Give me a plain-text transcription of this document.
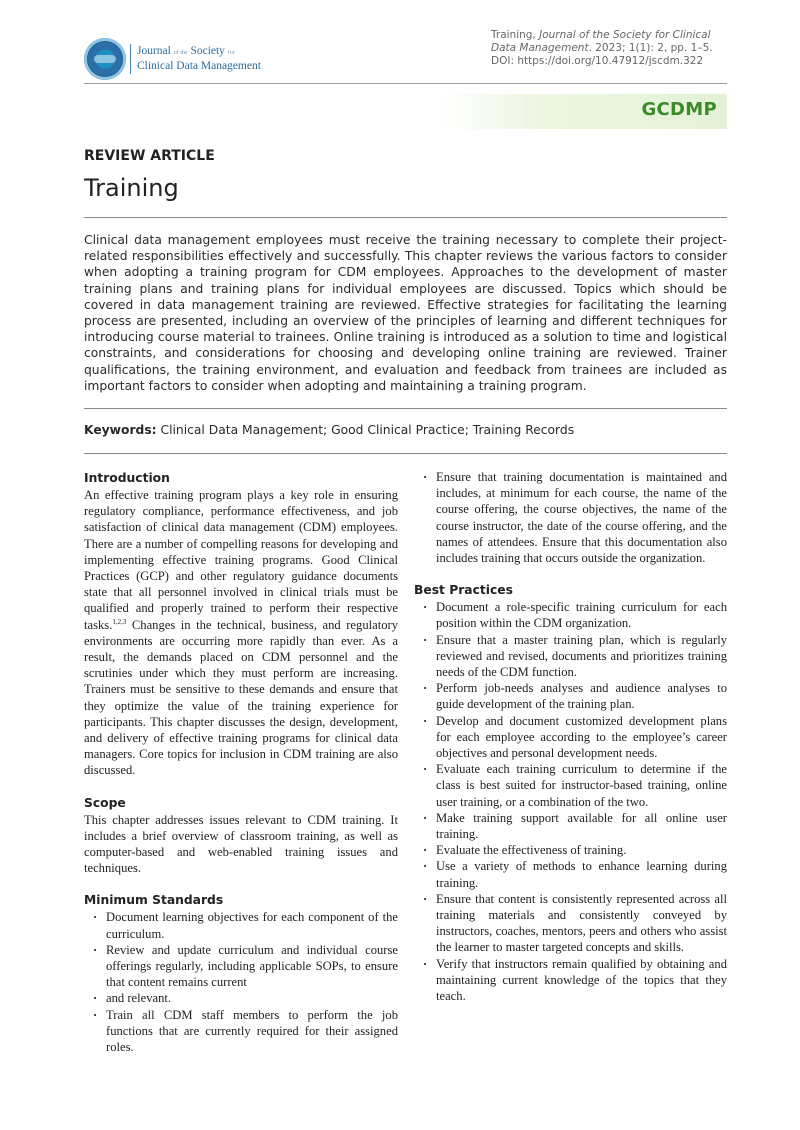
Journal of the Society for
Clinical Data Management
Training, Journal of the Society for Clinical Data Management. 2023; 1(1): 2, pp. 1–5. DOI: https://doi.org/10.47912/jscdm.322
GCDMP
REVIEW ARTICLE
Training
Clinical data management employees must receive the training necessary to complete their project-related responsibilities effectively and successfully. This chapter reviews the various factors to consider when adopting a training program for CDM employees. Approaches to the development of master training plans and training plans for individual employees are discussed. Topics which should be covered in data management training are reviewed. Effective strategies for facilitating the learning process are presented, including an overview of the principles of learning and different techniques for introducing course material to trainees. Online training is introduced as a solution to time and logistical constraints, and considerations for choosing and developing online training are reviewed. Trainer qualifications, the training environment, and evaluation and feedback from trainees are included as important factors to consider when adopting and maintaining a training program.
Keywords: Clinical Data Management; Good Clinical Practice; Training Records
Introduction

An effective training program plays a key role in ensuring regulatory compliance, performance effectiveness, and job satisfaction of clinical data management (CDM) employees. There are a number of compelling reasons for developing and implementing effective training programs. Good Clinical Practices (GCP) and other regulatory guidance documents state that all personnel involved in clinical trials must be qualified and properly trained to perform their respective tasks.$^{1,2,3}$ Changes in the technical, business, and regulatory environments are occurring more rapidly than ever. As a result, the demands placed on CDM personnel and the scrutinies under which they must perform are increasing. Trainers must be sensitive to these demands and ensure that they optimize the value of the training experience for participants. This chapter discusses the design, development, and delivery of effective training programs for clinical data managers. Core topics for inclusion in CDM training are also discussed.

Scope

This chapter addresses issues relevant to CDM training. It includes a brief overview of classroom training, as well as computer-based and web-enabled training issues and techniques.

Minimum Standards
· Document learning objectives for each component of the curriculum.
· Review and update curriculum and individual course offerings regularly, including applicable SOPs, to ensure that content remains current
· and relevant.
· Train all CDM staff members to perform the job functions that are currently required for their assigned roles.
· Ensure that training documentation is maintained and includes, at minimum for each course, the name of the course offering, the course objectives, the name of the course instructor, the date of the course offering, and the names of attendees. Ensure that this documentation also includes training that occurs outside the organization.
Best Practices
· Document a role-specific training curriculum for each position within the CDM organization.
· Ensure that a master training plan, which is regularly reviewed and revised, documents and prioritizes training needs of the CDM function.
· Perform job-needs analyses and audience analyses to guide development of the training plan.
· Develop and document customized development plans for each employee according to the employee’s career objectives and personal development needs.
· Evaluate each training curriculum to determine if the class is best suited for instructor-based training, online user training, or a combination of the two.
· Make training support available for all online user training.
· Evaluate the effectiveness of training.
· Use a variety of methods to enhance learning during training.
· Ensure that content is consistently represented across all training materials and consistently conveyed by instructors, coaches, mentors, peers and others who assist the learner to master targeted concepts and skills.
· Verify that instructors remain qualified by obtaining and maintaining current knowledge of the topics that they teach.
